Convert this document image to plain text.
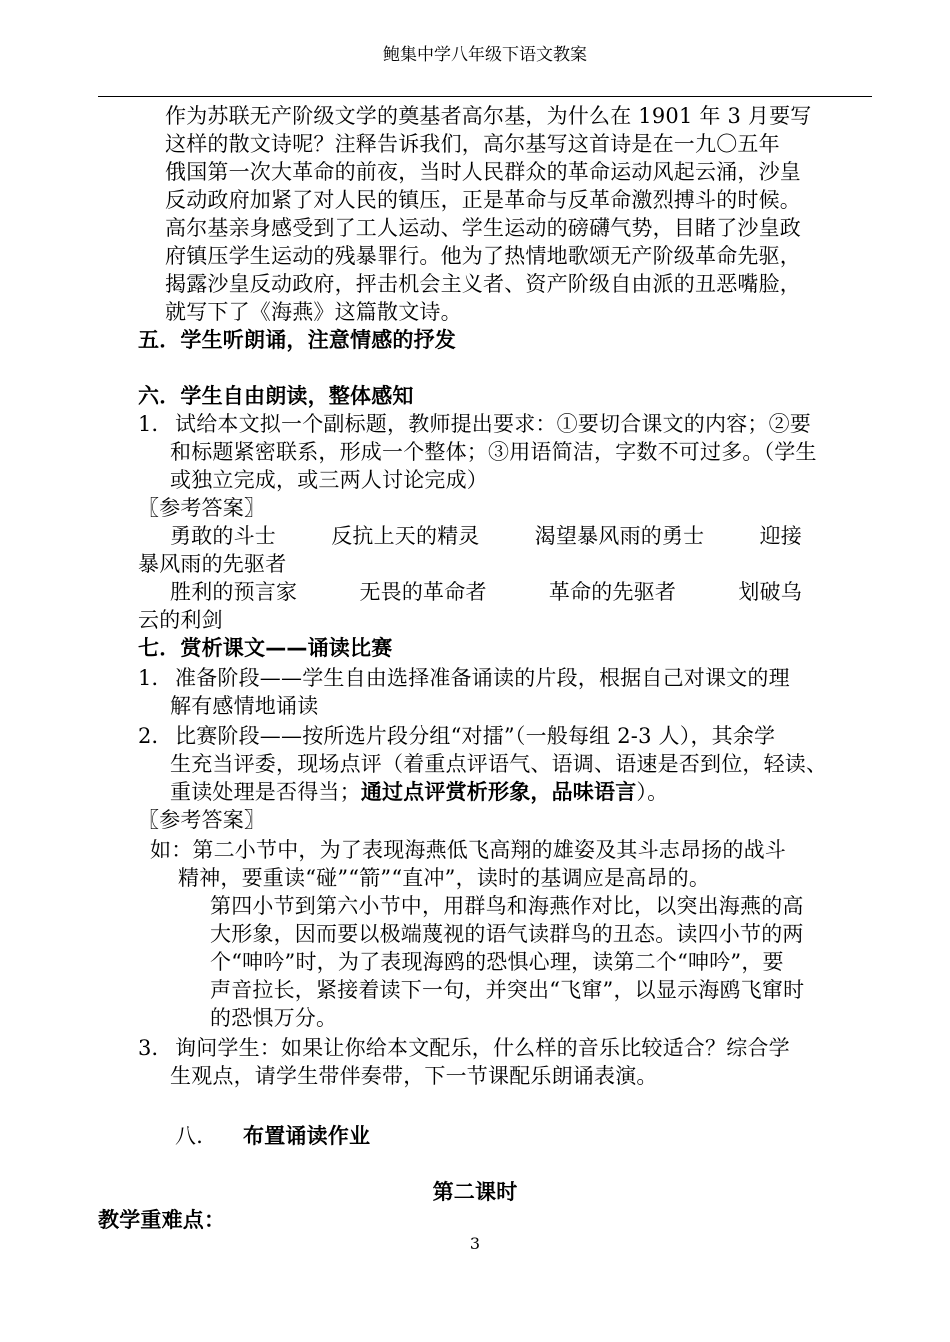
鲍集中学八年级下语文教案
作为苏联无产阶级文学的奠基者高尔基，为什么在 1901 年 3 月要写
这样的散文诗呢？注释告诉我们，高尔基写这首诗是在一九〇五年
俄国第一次大革命的前夜，当时人民群众的革命运动风起云涌，沙皇
反动政府加紧了对人民的镇压，正是革命与反革命激烈搏斗的时候。
高尔基亲身感受到了工人运动、学生运动的磅礴气势，目睹了沙皇政
府镇压学生运动的残暴罪行。他为了热情地歌颂无产阶级革命先驱，
揭露沙皇反动政府，抨击机会主义者、资产阶级自由派的丑恶嘴脸，
就写下了《海燕》这篇散文诗。
五．学生听朗诵，注意情感的抒发
六．学生自由朗读，整体感知
1． 试给本文拟一个副标题，教师提出要求：①要切合课文的内容；②要
和标题紧密联系，形成一个整体；③用语简洁，字数不可过多。（学生
或独立完成，或三两人讨论完成）
〖参考答案〗
勇敢的斗士	反抗上天的精灵	渴望暴风雨的勇士	迎接
暴风雨的先驱者
胜利的预言家	无畏的革命者	革命的先驱者	划破乌
云的利剑
七．赏析课文——诵读比赛
1． 准备阶段——学生自由选择准备诵读的片段，根据自己对课文的理
解有感情地诵读
2． 比赛阶段——按所选片段分组“对擂”（一般每组 2-3 人），其余学
生充当评委，现场点评（着重点评语气、语调、语速是否到位，轻读、
重读处理是否得当；通过点评赏析形象，品味语言）。
〖参考答案〗
如：第二小节中，为了表现海燕低飞高翔的雄姿及其斗志昂扬的战斗
精神，要重读“碰”“箭”“直冲”，读时的基调应是高昂的。
第四小节到第六小节中，用群鸟和海燕作对比，以突出海燕的高
大形象，因而要以极端蔑视的语气读群鸟的丑态。读四小节的两
个“呻吟”时，为了表现海鸥的恐惧心理，读第二个“呻吟”，要
声音拉长，紧接着读下一句，并突出“飞窜”，以显示海鸥飞窜时
的恐惧万分。
3． 询问学生：如果让你给本文配乐，什么样的音乐比较适合？综合学
生观点，请学生带伴奏带，下一节课配乐朗诵表演。
八． 布置诵读作业
第二课时
教学重难点：
3
